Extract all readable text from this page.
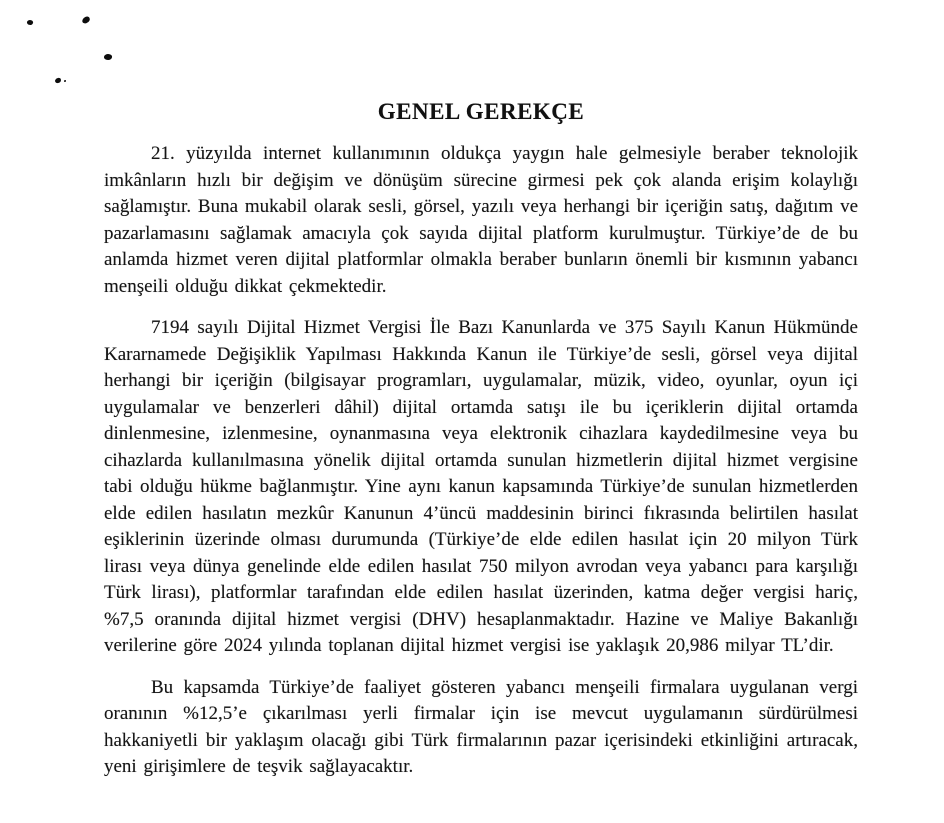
GENEL GEREKÇE

21. yüzyılda internet kullanımının oldukça yaygın hale gelmesiyle beraber teknolojik imkânların hızlı bir değişim ve dönüşüm sürecine girmesi pek çok alanda erişim kolaylığı sağlamıştır. Buna mukabil olarak sesli, görsel, yazılı veya herhangi bir içeriğin satış, dağıtım ve pazarlamasını sağlamak amacıyla çok sayıda dijital platform kurulmuştur. Türkiye’de de bu anlamda hizmet veren dijital platformlar olmakla beraber bunların önemli bir kısmının yabancı menşeili olduğu dikkat çekmektedir.

7194 sayılı Dijital Hizmet Vergisi İle Bazı Kanunlarda ve 375 Sayılı Kanun Hükmünde Kararnamede Değişiklik Yapılması Hakkında Kanun ile Türkiye’de sesli, görsel veya dijital herhangi bir içeriğin (bilgisayar programları, uygulamalar, müzik, video, oyunlar, oyun içi uygulamalar ve benzerleri dâhil) dijital ortamda satışı ile bu içeriklerin dijital ortamda dinlenmesine, izlenmesine, oynanmasına veya elektronik cihazlara kaydedilmesine veya bu cihazlarda kullanılmasına yönelik dijital ortamda sunulan hizmetlerin dijital hizmet vergisine tabi olduğu hükme bağlanmıştır. Yine aynı kanun kapsamında Türkiye’de sunulan hizmetlerden elde edilen hasılatın mezkûr Kanunun 4’üncü maddesinin birinci fıkrasında belirtilen hasılat eşiklerinin üzerinde olması durumunda (Türkiye’de elde edilen hasılat için 20 milyon Türk lirası veya dünya genelinde elde edilen hasılat 750 milyon avrodan veya yabancı para karşılığı Türk lirası), platformlar tarafından elde edilen hasılat üzerinden, katma değer vergisi hariç, %7,5 oranında dijital hizmet vergisi (DHV) hesaplanmaktadır. Hazine ve Maliye Bakanlığı verilerine göre 2024 yılında toplanan dijital hizmet vergisi ise yaklaşık 20,986 milyar TL’dir.

Bu kapsamda Türkiye’de faaliyet gösteren yabancı menşeili firmalara uygulanan vergi oranının %12,5’e çıkarılması yerli firmalar için ise mevcut uygulamanın sürdürülmesi hakkaniyetli bir yaklaşım olacağı gibi Türk firmalarının pazar içerisindeki etkinliğini artıracak, yeni girişimlere de teşvik sağlayacaktır.
